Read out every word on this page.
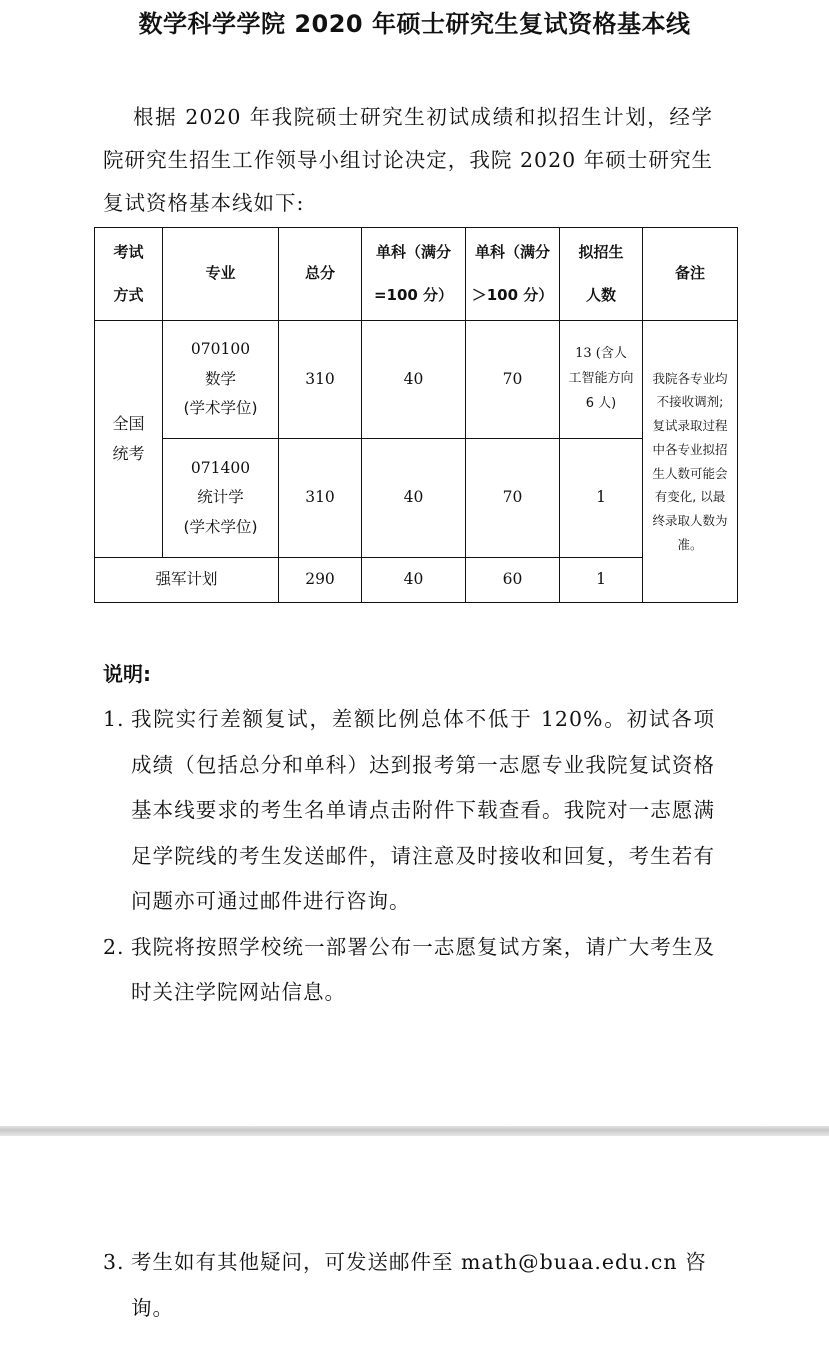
数学科学学院 2020 年硕士研究生复试资格基本线

根据 2020 年我院硕士研究生初试成绩和拟招生计划，经学院研究生招生工作领导小组讨论决定，我院 2020 年硕士研究生复试资格基本线如下:

考试
方式	专业	总分	单科（满分
=100 分）	单科（满分
＞100 分）	拟招生
人数	备注

全国
统考	070100
数学
(学术学位)	310	40	70	13 (含人
工智能方向
6 人)	我院各专业均不接收调剂; 复试录取过程中各专业拟招生人数可能会有变化, 以最终录取人数为准。

	071400
统计学
(学术学位)	310	40	70	1	
强军计划		290	40	60	1	
说明:
1. 我院实行差额复试，差额比例总体不低于 120%。初试各项成绩（包括总分和单科）达到报考第一志愿专业我院复试资格基本线要求的考生名单请点击附件下载查看。我院对一志愿满足学院线的考生发送邮件，请注意及时接收和回复，考生若有问题亦可通过邮件进行咨询。
2. 我院将按照学校统一部署公布一志愿复试方案，请广大考生及时关注学院网站信息。
3. 考生如有其他疑问，可发送邮件至 math@buaa.edu.cn 咨询。
